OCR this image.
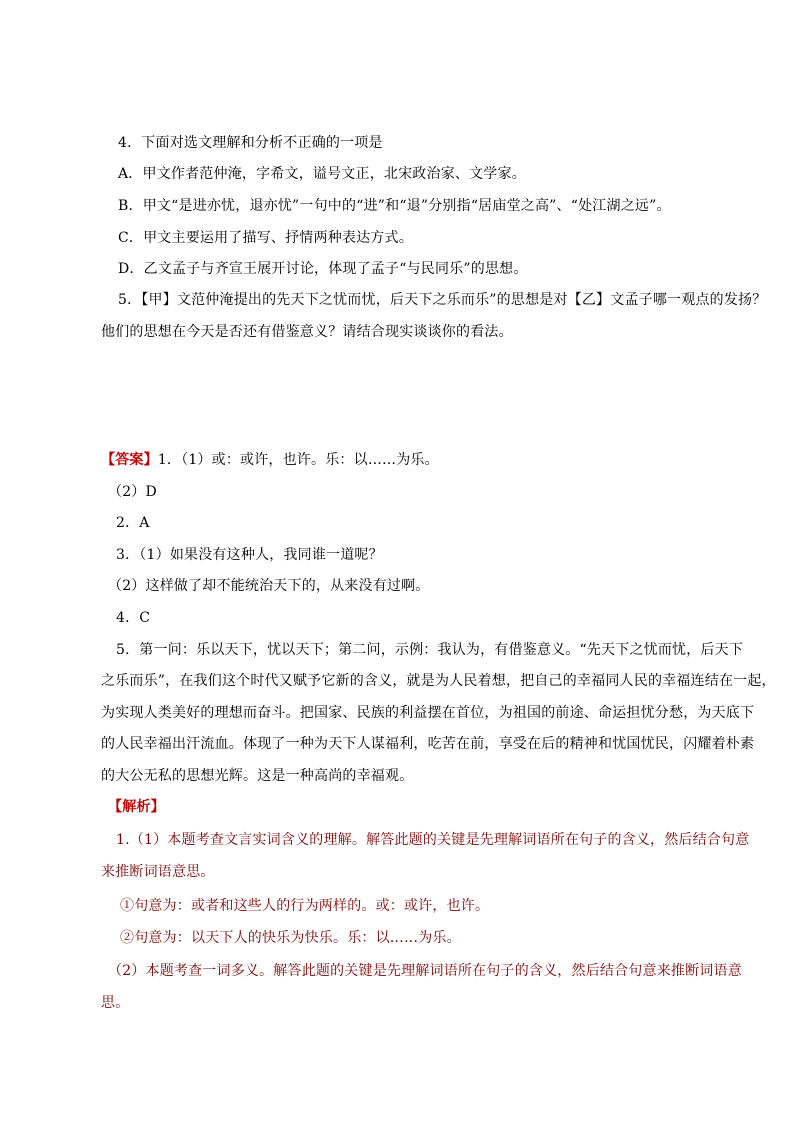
4．下面对选文理解和分析不正确的一项是
A．甲文作者范仲淹，字希文，谥号文正，北宋政治家、文学家。
B．甲文“是进亦忧，退亦忧”一句中的“进”和“退”分别指“居庙堂之高”、“处江湖之远”。
C．甲文主要运用了描写、抒情两种表达方式。
D．乙文孟子与齐宣王展开讨论，体现了孟子“与民同乐”的思想。
5．【甲】文范仲淹提出的先天下之忧而忧，后天下之乐而乐”的思想是对【乙】文孟子哪一观点的发扬？
他们的思想在今天是否还有借鉴意义？请结合现实谈谈你的看法。
【答案】1．（1）或：或许，也许。乐：以……为乐。
（2）D
2．A
3．（1）如果没有这种人，我同谁一道呢？
（2）这样做了却不能统治天下的，从来没有过啊。
4．C
5．第一问：乐以天下，忧以天下；第二问，示例：我认为，有借鉴意义。“先天下之忧而忧，后天下
之乐而乐”，在我们这个时代又赋予它新的含义，就是为人民着想，把自己的幸福同人民的幸福连结在一起，
为实现人类美好的理想而奋斗。把国家、民族的利益摆在首位，为祖国的前途、命运担忧分愁，为天底下
的人民幸福出汗流血。体现了一种为天下人谋福利，吃苦在前，享受在后的精神和忧国忧民，闪耀着朴素
的大公无私的思想光辉。这是一种高尚的幸福观。
【解析】
1.（1）本题考查文言实词含义的理解。解答此题的关键是先理解词语所在句子的含义，然后结合句意
来推断词语意思。
①句意为：或者和这些人的行为两样的。或：或许，也许。
②句意为：以天下人的快乐为快乐。乐：以……为乐。
（2）本题考查一词多义。解答此题的关键是先理解词语所在句子的含义，然后结合句意来推断词语意
思。
